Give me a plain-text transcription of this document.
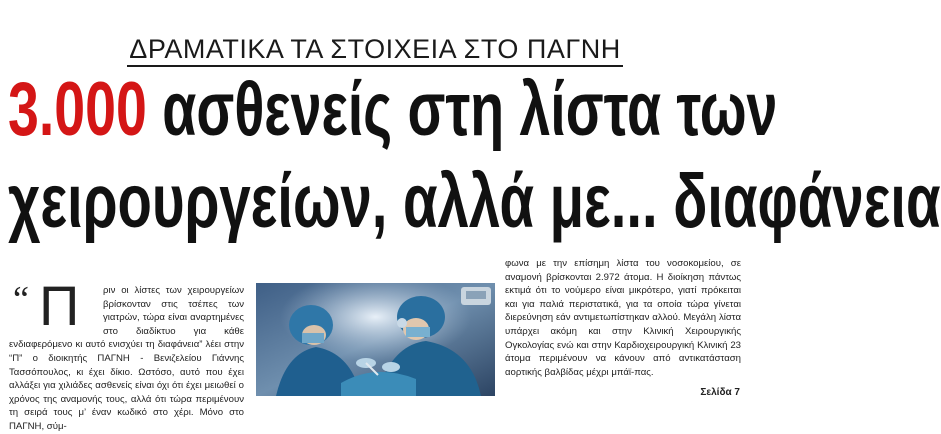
ΔΡΑΜΑΤΙΚΑ ΤΑ ΣΤΟΙΧΕΙΑ ΣΤΟ ΠΑΓΝΗ
3.000 ασθενείς στη λίστα των
χειρουργείων, αλλά με... διαφάνεια
“ Π ριν οι λίστες των χειρουργείων βρίσκονταν στις τσέπες των γιατρών, τώρα είναι αναρτημένες στο διαδίκτυο για κάθε ενδιαφερόμενο κι αυτό ενισχύει τη διαφάνεια” λέει στην “Π” ο διοικητής ΠΑΓΝΗ - Βενιζελείου Γιάννης Τασσόπουλος, κι έχει δίκιο. Ωστόσο, αυτό που έχει αλλάξει για χιλιάδες ασθενείς είναι όχι ότι έχει μειωθεί ο χρόνος της αναμονής τους, αλλά ότι τώρα περιμένουν τη σειρά τους μ’ έναν κωδικό στο χέρι. Μόνο στο ΠΑΓΝΗ, σύμ-
φωνα με την επίσημη λίστα του νοσοκομείου, σε αναμονή βρίσκονται 2.972 άτομα. Η διοίκηση πάντως εκτιμά ότι το νούμερο είναι μικρότερο, γιατί πρόκειται και για παλιά περιστατικά, για τα οποία τώρα γίνεται διερεύνηση εάν αντιμετωπίστηκαν αλλού. Μεγάλη λίστα υπάρχει ακόμη και στην Κλινική Χειρουργικής Ογκολογίας ενώ και στην Καρδιοχειρουργική Κλινική 23 άτομα περιμένουν να κάνουν από αντικατάσταση αορτικής βαλβίδας μέχρι μπάϊ-πας.
Σελίδα 7
